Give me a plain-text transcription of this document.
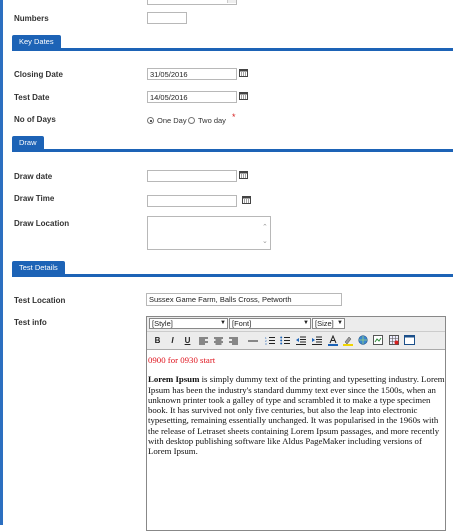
Numbers
Key Dates
Closing Date	31/05/2016
Test Date	14/05/2016
No of Days	One Day Two day *
Draw
Draw date
Draw Time
Draw Location	⌃
⌄
Test Details
Test Location	Sussex Game Farm, Balls Cross, Petworth
Test info	[Style]	▼ [Font]	▼ [Size] ▼
B	I	U	1
2
3
0900 for 0930 start
Lorem Ipsum is simply dummy text of the printing and typesetting industry. Lorem Ipsum has been the industry's standard dummy text ever since the 1500s, when an unknown printer took a galley of type and scrambled it to make a type specimen book. It has survived not only five centuries, but also the leap into electronic typesetting, remaining essentially unchanged. It was popularised in the 1960s with the release of Letraset sheets containing Lorem Ipsum passages, and more recently with desktop publishing software like Aldus PageMaker including versions of Lorem Ipsum.
